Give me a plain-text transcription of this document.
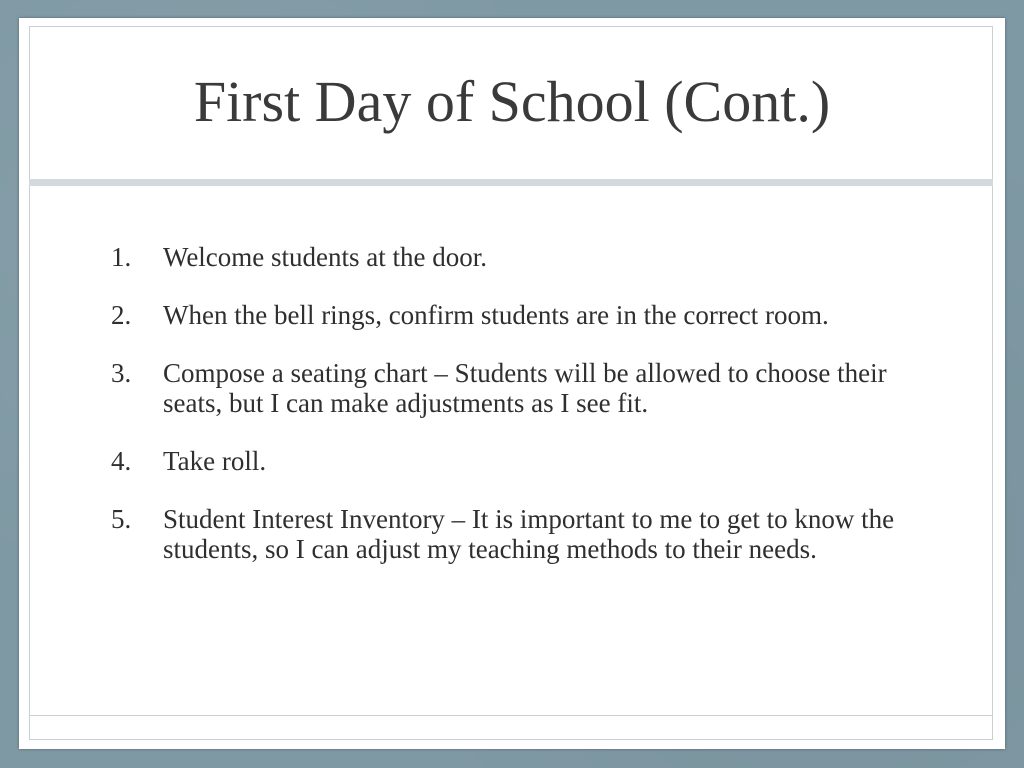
First Day of School (Cont.)
1.	Welcome students at the door.
2.	When the bell rings, confirm students are in the correct room.
3.	Compose a seating chart – Students will be allowed to choose their seats, but I can make adjustments as I see fit.
4.	Take roll.
5.	Student Interest Inventory – It is important to me to get to know the students, so I can adjust my teaching methods to their needs.
